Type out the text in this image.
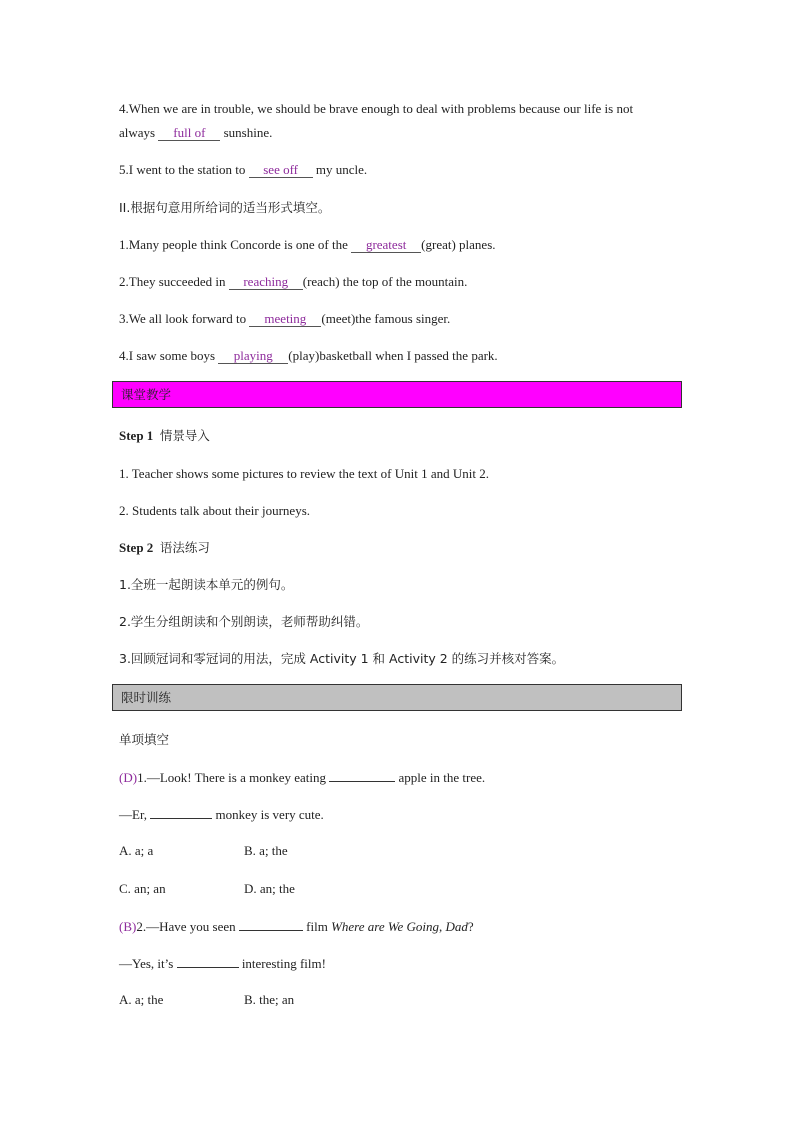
4.When we are in trouble, we should be brave enough to deal with problems because our life is not
always full of sunshine.
5.I went to the station to see off my uncle.
II.根据句意用所给词的适当形式填空。
1.Many people think Concorde is one of the greatest (great) planes.
2.They succeeded in reaching (reach) the top of the mountain.
3.We all look forward to meeting (meet)the famous singer.
4.I saw some boys playing (play)basketball when I passed the park.
课堂教学
Step 1 情景导入
1. Teacher shows some pictures to review the text of Unit 1 and Unit 2.
2. Students talk about their journeys.
Step 2 语法练习
1.全班一起朗读本单元的例句。
2.学生分组朗读和个别朗读，老师帮助纠错。
3.回顾冠词和零冠词的用法，完成 Activity 1 和 Activity 2 的练习并核对答案。
限时训练
单项填空
(D)1.—Look! There is a monkey eating	apple in the tree.
—Er,	monkey is very cute.
A. a; a	B. a; the
C. an; an	D. an; the
(B)2.—Have you seen	film Where are We Going, Dad?
—Yes, it’s	interesting film!
A. a; the	B. the; an
